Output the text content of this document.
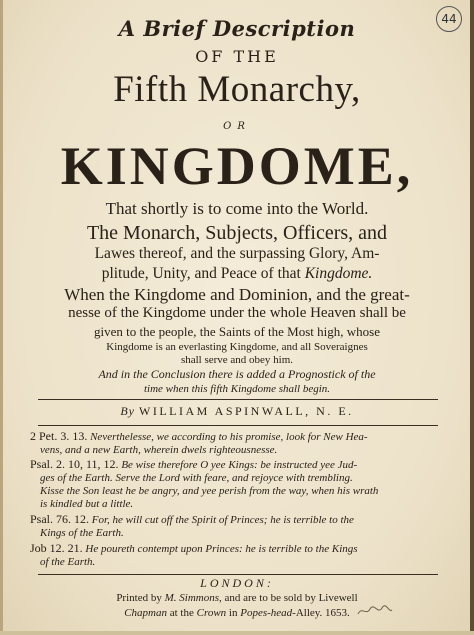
44
A Brief Description
OF THE
Fifth Monarchy,
OR
KINGDOME,
That shortly is to come into the World.
The Monarch, Subjects, Officers, and
Lawes thereof, and the surpassing Glory, Am-
plitude, Unity, and Peace of that Kingdome.
When the Kingdome and Dominion, and the great-
nesse of the Kingdome under the whole Heaven shall be
given to the people, the Saints of the Most high, whose
Kingdome is an everlasting Kingdome, and all Soveraignes
shall serve and obey him.
And in the Conclusion there is added a Prognostick of the
time when this fifth Kingdome shall begin.
By WILLIAM ASPINWALL, N. E.
2 Pet. 3. 13. Neverthelesse, we according to his promise, look for New Hea-
vens, and a new Earth, wherein dwels righteousnesse.
Psal. 2. 10, 11, 12. Be wise therefore O yee Kings: be instructed yee Jud-
ges of the Earth. Serve the Lord with feare, and rejoyce with trembling.
Kisse the Son least he be angry, and yee perish from the way, when his wrath
is kindled but a little.
Psal. 76. 12. For, he will cut off the Spirit of Princes; he is terrible to the
Kings of the Earth.
Job 12. 21. He poureth contempt upon Princes: he is terrible to the Kings
of the Earth.
LONDON:
Printed by M. Simmons, and are to be sold by Livewell
Chapman at the Crown in Popes-head-Alley. 1653.
